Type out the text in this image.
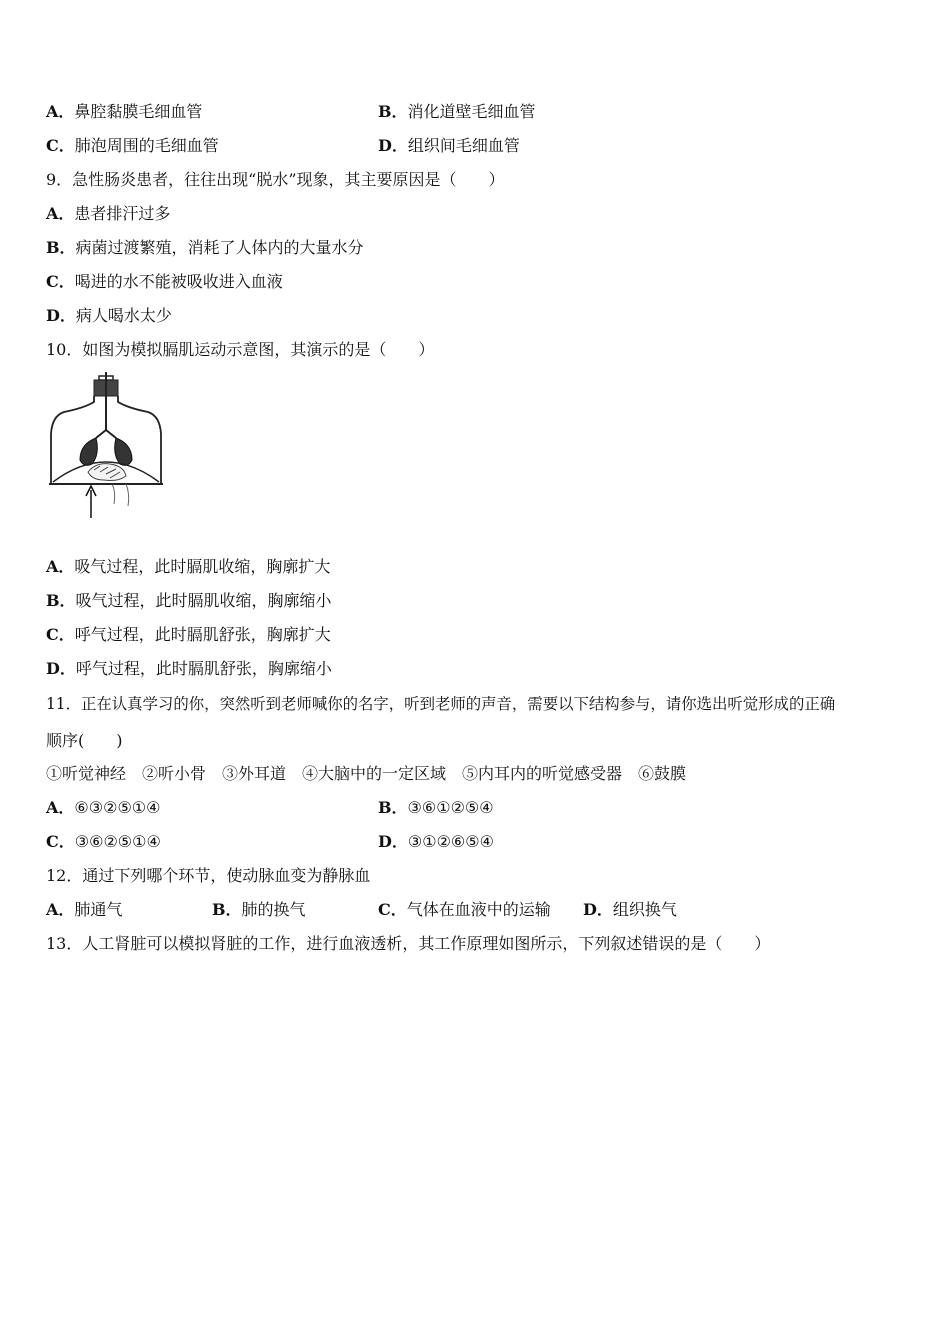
A．鼻腔黏膜毛细血管	B．消化道壁毛细血管
C．肺泡周围的毛细血管	D．组织间毛细血管
9．急性肠炎患者，往往出现“脱水”现象，其主要原因是（　　）
A．患者排汗过多
B．病菌过渡繁殖，消耗了人体内的大量水分
C．喝进的水不能被吸收进入血液
D．病人喝水太少
10．如图为模拟膈肌运动示意图，其演示的是（　　）
A．吸气过程，此时膈肌收缩，胸廓扩大
B．吸气过程，此时膈肌收缩，胸廓缩小
C．呼气过程，此时膈肌舒张，胸廓扩大
D．呼气过程，此时膈肌舒张，胸廓缩小
11．正在认真学习的你，突然听到老师喊你的名字，听到老师的声音，需要以下结构参与，请你选出听觉形成的正确
顺序(　　)
①听觉神经　②听小骨　③外耳道　④大脑中的一定区域　⑤内耳内的听觉感受器　⑥鼓膜
A．⑥③②⑤①④	B．③⑥①②⑤④
C．③⑥②⑤①④	D．③①②⑥⑤④
12．通过下列哪个环节，使动脉血变为静脉血
A．肺通气	B．肺的换气	C．气体在血液中的运输 D．组织换气
13．人工肾脏可以模拟肾脏的工作，进行血液透析，其工作原理如图所示，下列叙述错误的是（　　）
